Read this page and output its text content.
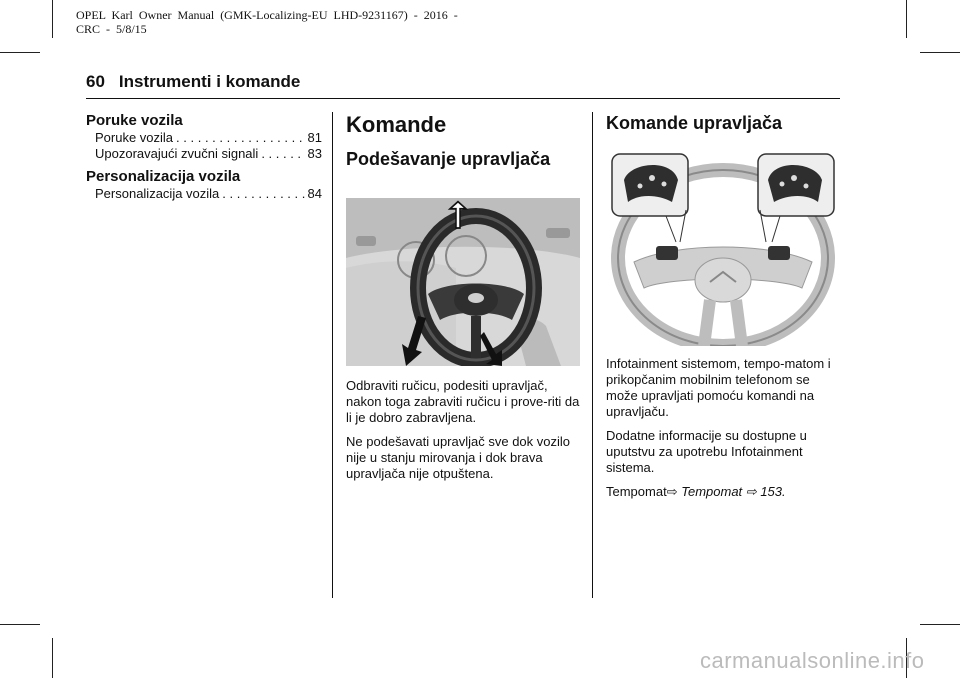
OPEL  Karl  Owner  Manual  (GMK-Localizing-EU  LHD-9231167)  -  2016  -
CRC  -  5/8/15
60 Instrumenti i komande
Poruke vozila
Poruke vozila . . .	81
Upozoravajući zvučni signali . . .	83
Personalizacija vozila
Personalizacija vozila . . .	84
Komande
Podešavanje upravljača

Odbraviti ručicu, podesiti upravljač, nakon toga zabraviti ručicu i prove-riti da li je dobro zabravljena.

Ne podešavati upravljač sve dok vozilo nije u stanju mirovanja i dok brava upravljača nije otpuštena.

Komande upravljača

Infotainment sistemom, tempo-matom i prikopčanim mobilnim telefonom se može upravljati pomoću komandi na upravljaču.

Dodatne informacije su dostupne u uputstvu za upotrebu Infotainment sistema.

Tempomat⇨ Tempomat ⇨ 153.

carmanualsonline.info
